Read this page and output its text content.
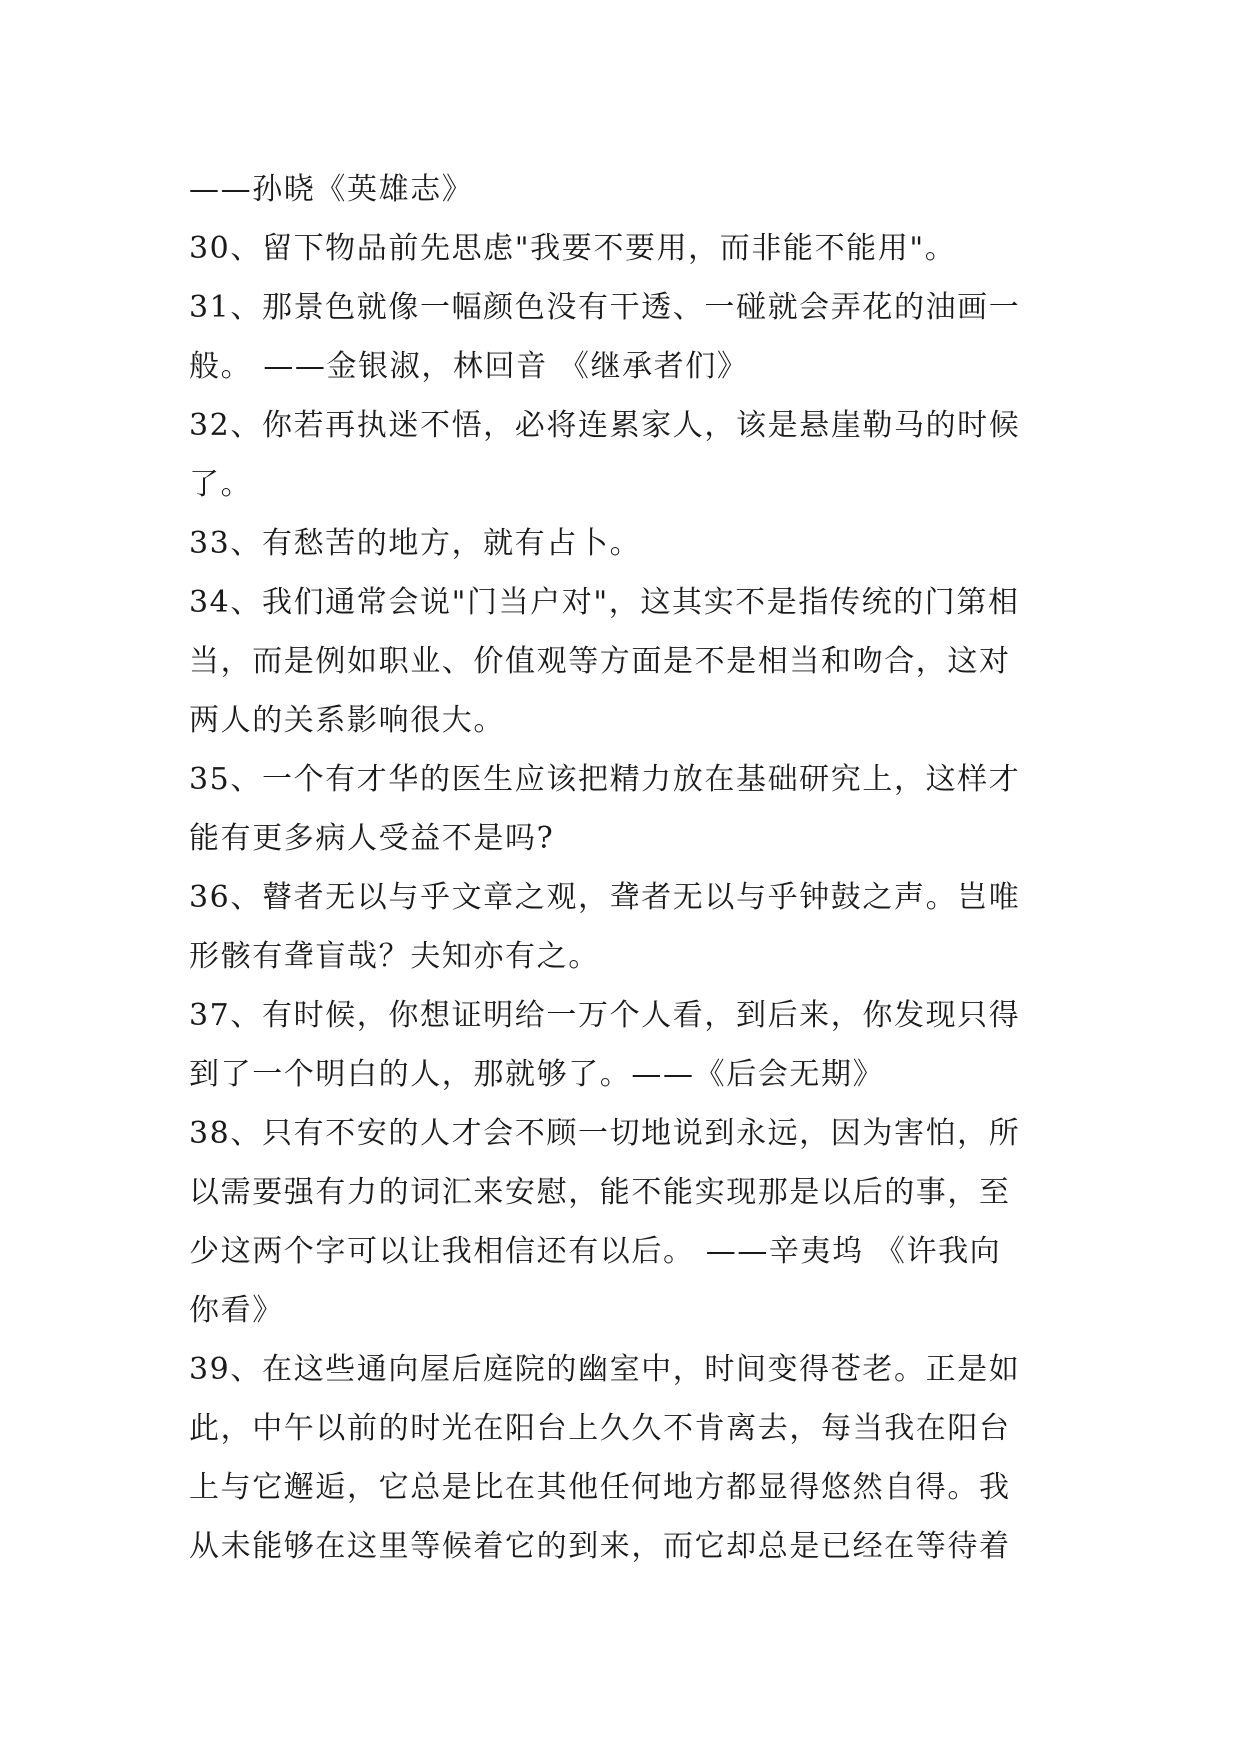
——孙晓《英雄志》
30、留下物品前先思虑"我要不要用，而非能不能用"。
31、那景色就像一幅颜色没有干透、一碰就会弄花的油画一
般。 ——金银淑，林回音 《继承者们》
32、你若再执迷不悟，必将连累家人，该是悬崖勒马的时候
了。
33、有愁苦的地方，就有占卜。
34、我们通常会说"门当户对"，这其实不是指传统的门第相
当，而是例如职业、价值观等方面是不是相当和吻合，这对
两人的关系影响很大。
35、一个有才华的医生应该把精力放在基础研究上，这样才
能有更多病人受益不是吗?
36、瞽者无以与乎文章之观，聋者无以与乎钟鼓之声。岂唯
形骸有聋盲哉？夫知亦有之。
37、有时候，你想证明给一万个人看，到后来，你发现只得
到了一个明白的人，那就够了。——《后会无期》
38、只有不安的人才会不顾一切地说到永远，因为害怕，所
以需要强有力的词汇来安慰，能不能实现那是以后的事，至
少这两个字可以让我相信还有以后。 ——辛夷坞 《许我向
你看》
39、在这些通向屋后庭院的幽室中，时间变得苍老。正是如
此，中午以前的时光在阳台上久久不肯离去，每当我在阳台
上与它邂逅，它总是比在其他任何地方都显得悠然自得。我
从未能够在这里等候着它的到来，而它却总是已经在等待着
